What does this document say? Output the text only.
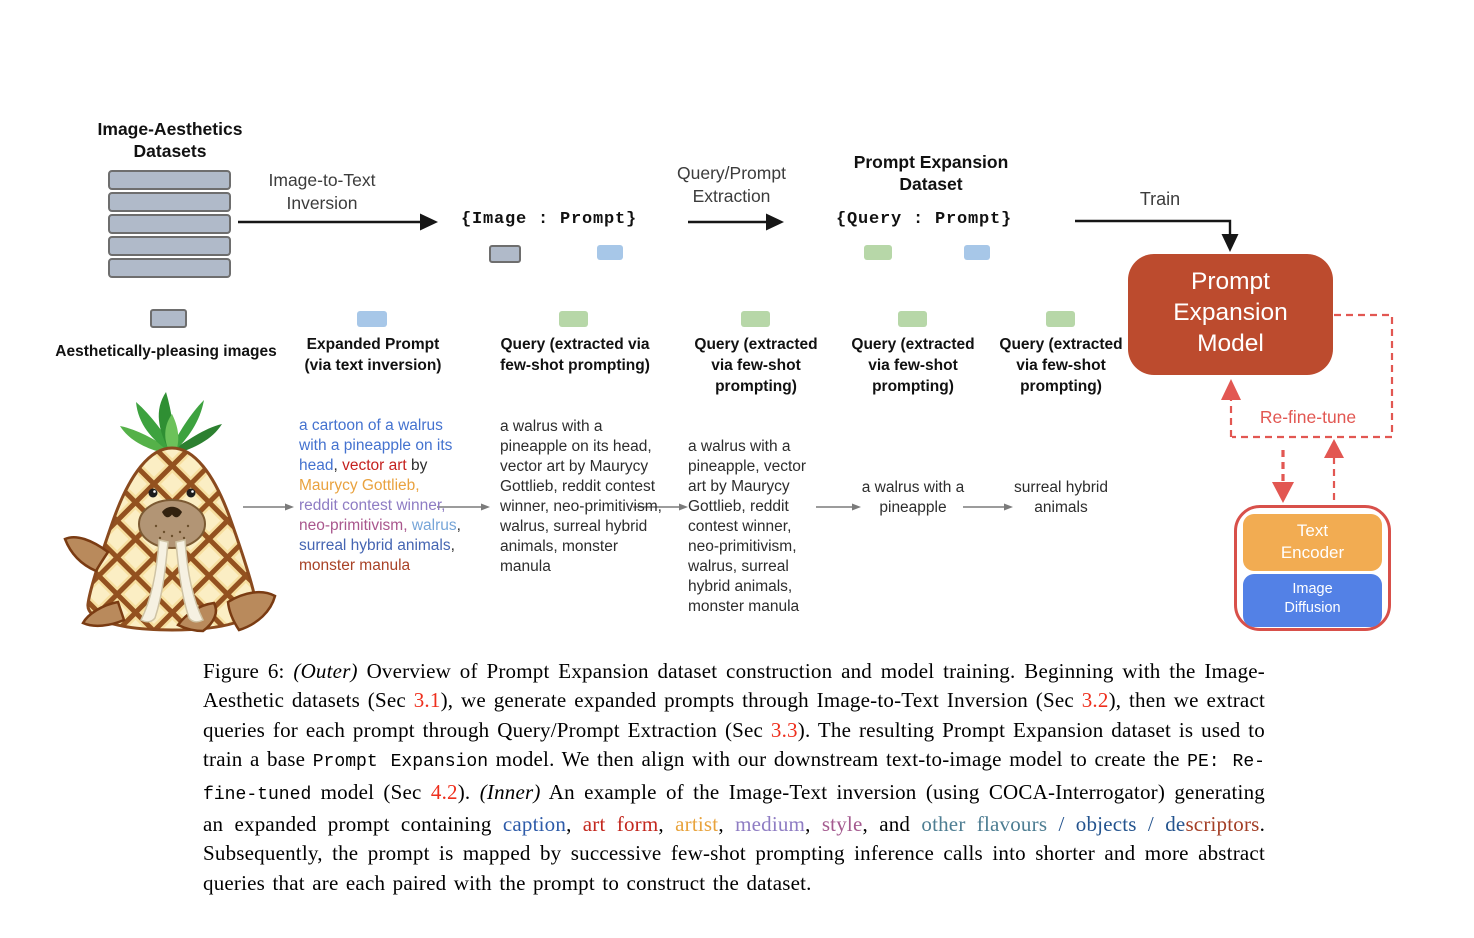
Image-Aesthetics Datasets
Image-to-Text Inversion
Query/Prompt Extraction	Train
{Image : Prompt}	{Query : Prompt}
Prompt Expansion Dataset
Prompt Expansion Model
Re-fine-tune
Text Encoder
Image Diffusion
Aesthetically-pleasing images Expanded Prompt (via text inversion)
Query (extracted via few-shot prompting)
Query (extracted via few-shot prompting)
Query (extracted via few-shot prompting)
Query (extracted via few-shot prompting)
a cartoon of a walrus with a pineapple on its head, vector art by Maurycy Gottlieb, reddit contest winner, neo-primitivism, walrus, surreal hybrid animals, monster manula
a walrus with a pineapple on its head, vector art by Maurycy Gottlieb, reddit contest winner, neo-primitivism, walrus, surreal hybrid animals, monster manula
a walrus with a pineapple, vector art by Maurycy Gottlieb, reddit contest winner, neo-primitivism, walrus, surreal hybrid animals, monster manula
a walrus with a pineapple
surreal hybrid animals
Figure 6: (Outer) Overview of Prompt Expansion dataset construction and model training. Beginning with the Image-Aesthetic datasets (Sec 3.1), we generate expanded prompts through Image-to-Text Inversion (Sec 3.2), then we extract queries for each prompt through Query/Prompt Extraction (Sec 3.3). The resulting Prompt Expansion dataset is used to train a base Prompt Expansion model. We then align with our downstream text-to-image model to create the PE: Re-fine-tuned model (Sec 4.2). (Inner) An example of the Image-Text inversion (using COCA-Interrogator) generating an expanded prompt containing caption, art form, artist, medium, style, and other flavours / objects / descriptors. Subsequently, the prompt is mapped by successive few-shot prompting inference calls into shorter and more abstract queries that are each paired with the prompt to construct the dataset.
